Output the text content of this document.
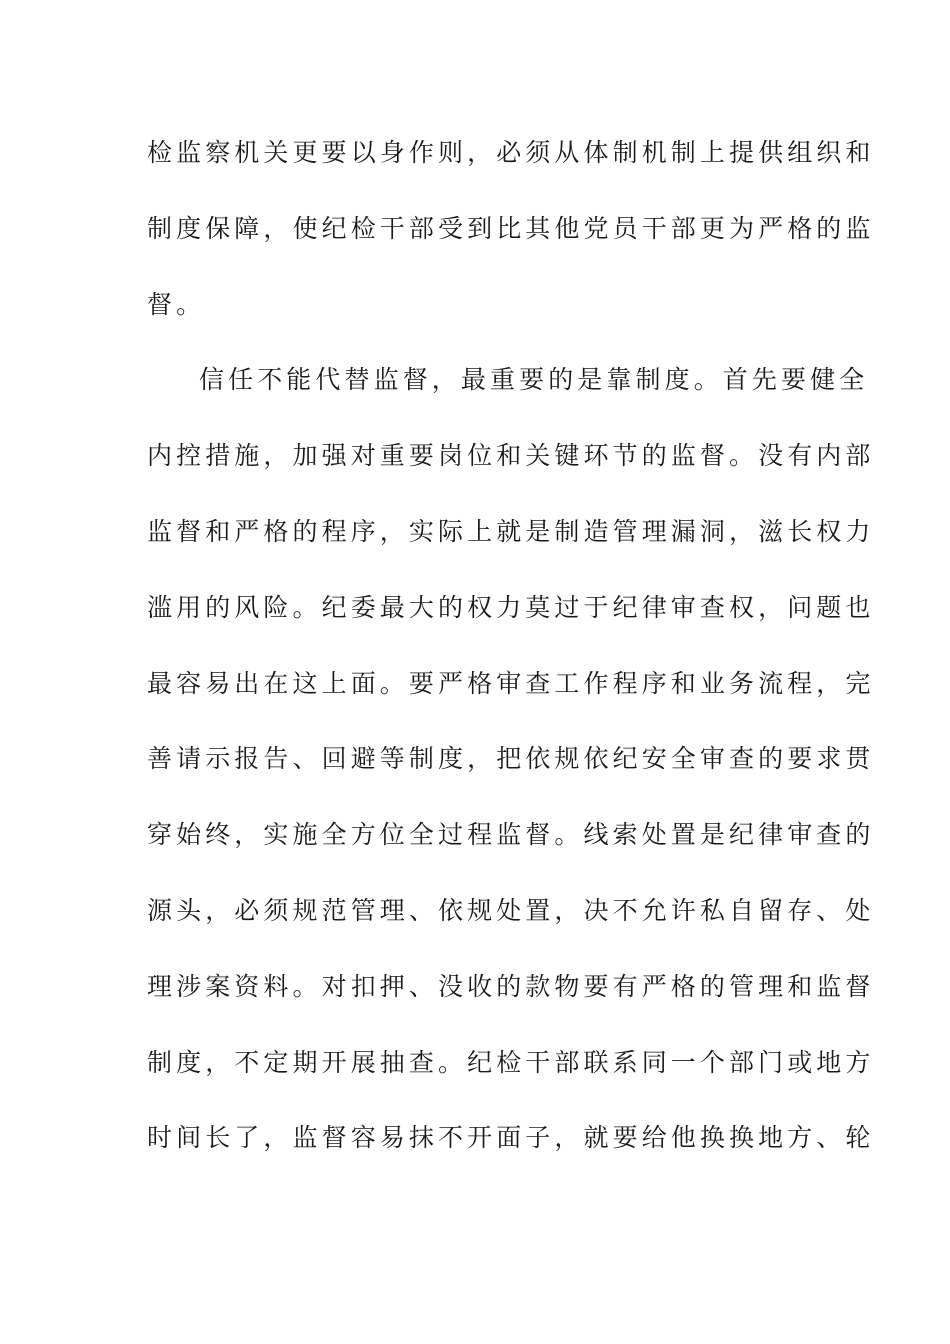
检监察机关更要以身作则，必须从体制机制上提供组织和
制度保障，使纪检干部受到比其他党员干部更为严格的监
督。
信任不能代替监督，最重要的是靠制度。首先要健全
内控措施，加强对重要岗位和关键环节的监督。没有内部
监督和严格的程序，实际上就是制造管理漏洞，滋长权力
滥用的风险。纪委最大的权力莫过于纪律审查权，问题也
最容易出在这上面。要严格审查工作程序和业务流程，完
善请示报告、回避等制度，把依规依纪安全审查的要求贯
穿始终，实施全方位全过程监督。线索处置是纪律审查的
源头，必须规范管理、依规处置，决不允许私自留存、处
理涉案资料。对扣押、没收的款物要有严格的管理和监督
制度，不定期开展抽查。纪检干部联系同一个部门或地方
时间长了，监督容易抹不开面子，就要给他换换地方、轮
